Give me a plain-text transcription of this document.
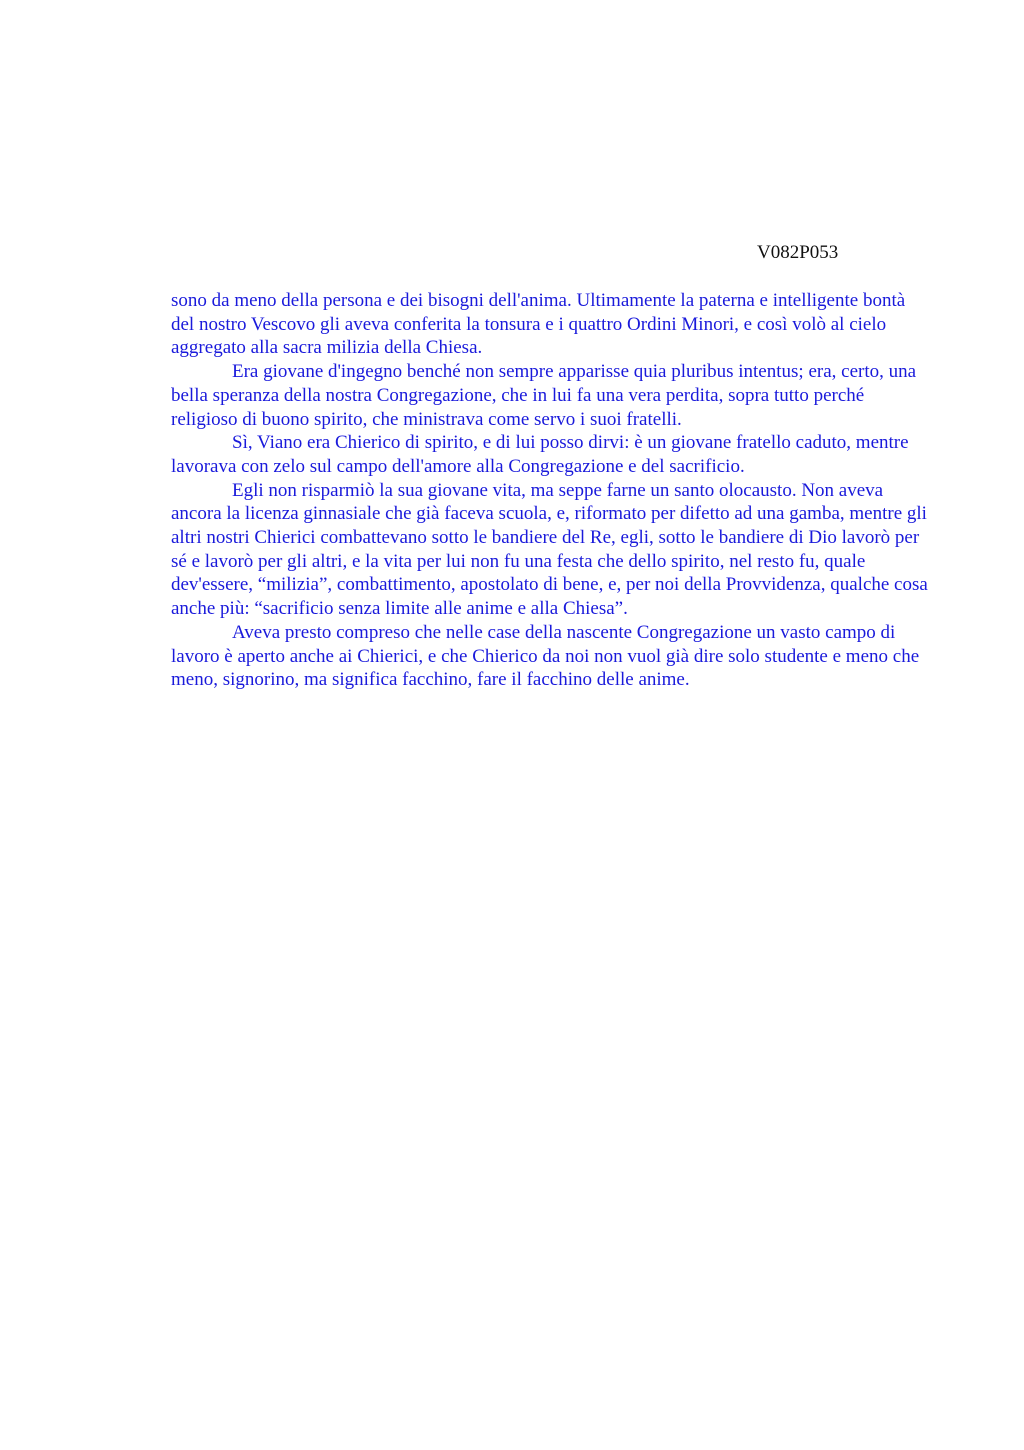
V082P053

sono da meno della persona e dei bisogni dell'anima. Ultimamente la paterna e intelligente bontà del nostro Vescovo gli aveva conferita la tonsura e i quattro Ordini Minori, e così volò al cielo aggregato alla sacra milizia della Chiesa.

Era giovane d'ingegno benché non sempre apparisse quia pluribus intentus; era, certo, una bella speranza della nostra Congregazione, che in lui fa una vera perdita, sopra tutto perché religioso di buono spirito, che ministrava come servo i suoi fratelli.

Sì, Viano era Chierico di spirito, e di lui posso dirvi: è un giovane fratello caduto, mentre lavorava con zelo sul campo dell'amore alla Congregazione e del sacrificio.

Egli non risparmiò la sua giovane vita, ma seppe farne un santo olocausto. Non aveva ancora la licenza ginnasiale che già faceva scuola, e, riformato per difetto ad una gamba, mentre gli altri nostri Chierici combattevano sotto le bandiere del Re, egli, sotto le bandiere di Dio lavorò per sé e lavorò per gli altri, e la vita per lui non fu una festa che dello spirito, nel resto fu, quale dev'essere, “milizia”, combattimento, apostolato di bene, e, per noi della Provvidenza, qualche cosa anche più: “sacrificio senza limite alle anime e alla Chiesa”.

Aveva presto compreso che nelle case della nascente Congregazione un vasto campo di lavoro è aperto anche ai Chierici, e che Chierico da noi non vuol già dire solo studente e meno che meno, signorino, ma significa facchino, fare il facchino delle anime.
